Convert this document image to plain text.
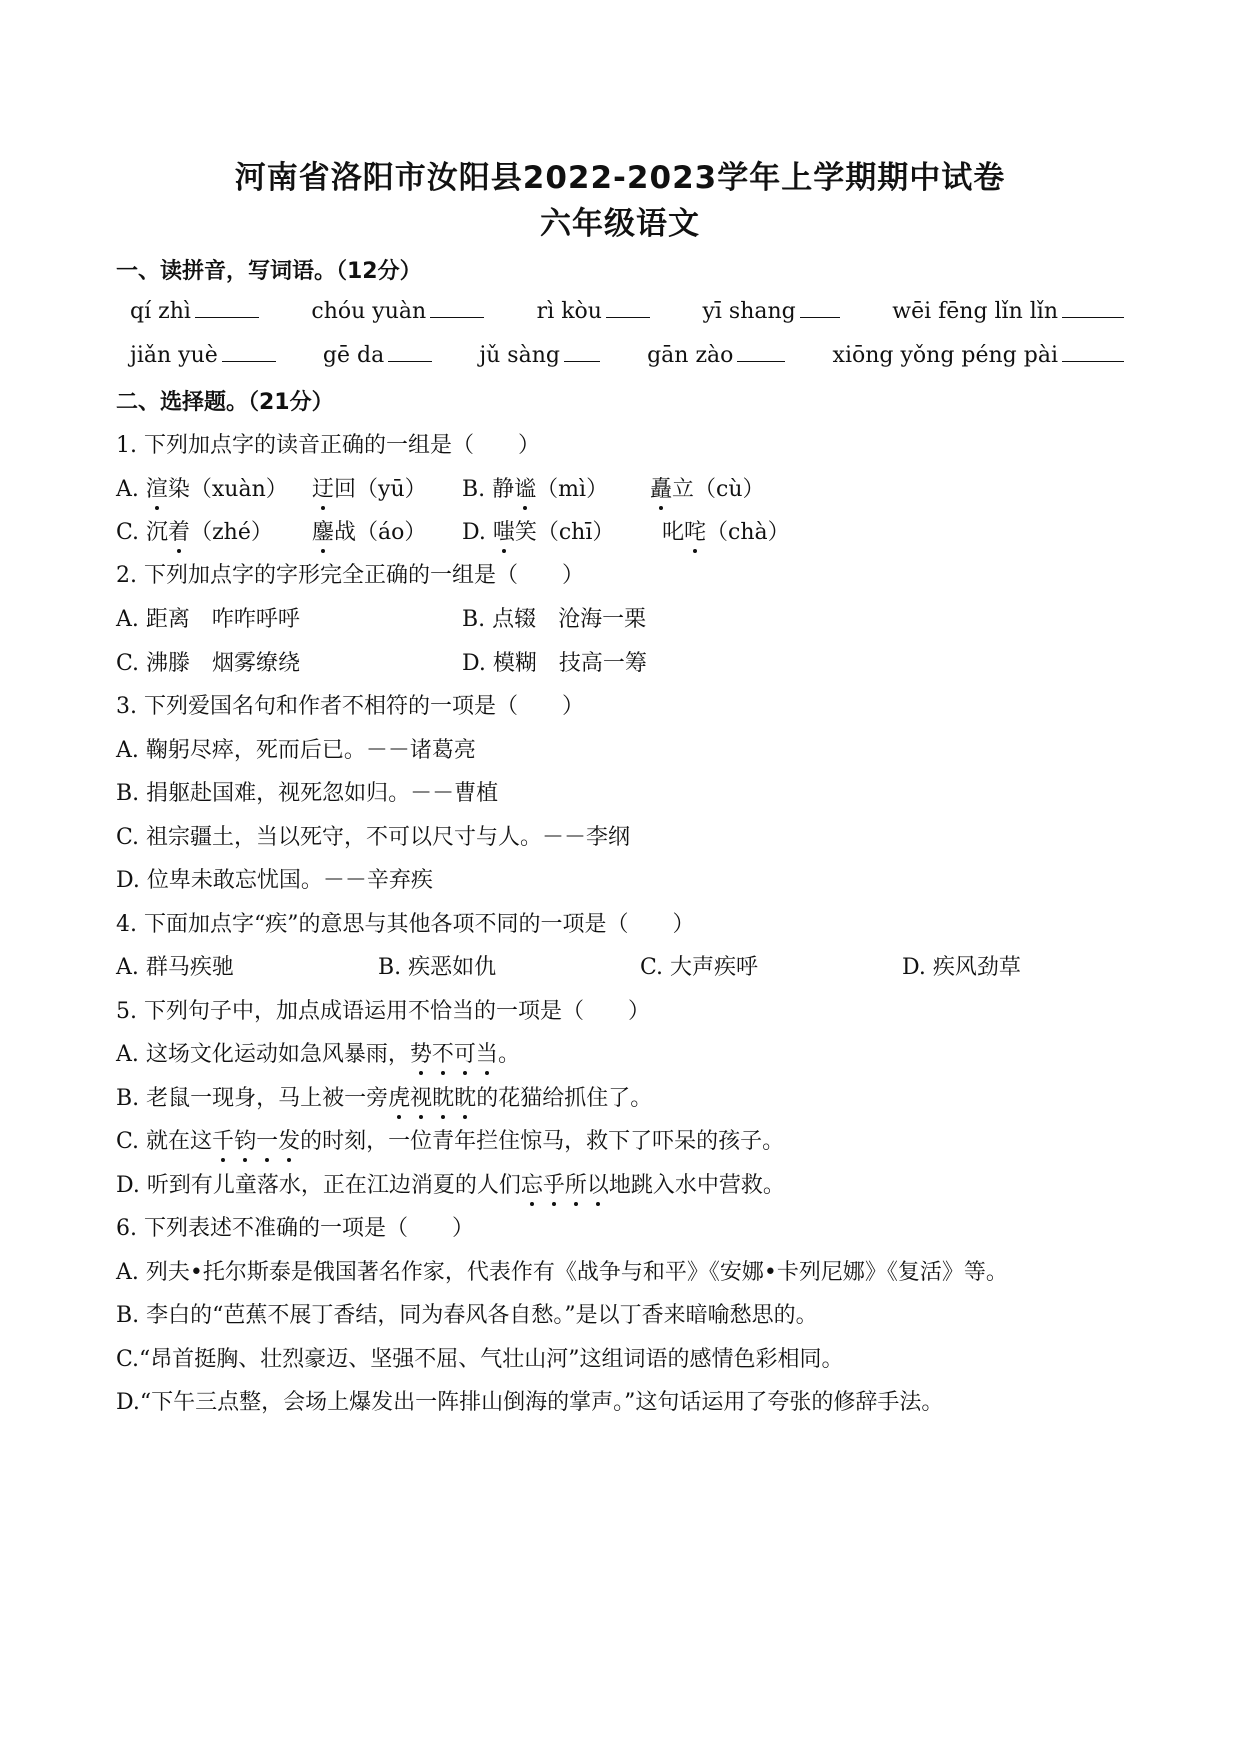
河南省洛阳市汝阳县2022-2023学年上学期期中试卷
六年级语文
一、读拼音，写词语。（12分）
qí zhì	chóu yuàn	rì kòu	yī shang	wēi fēng lǐn lǐn
jiǎn yuè	gē da	jǔ sàng	gān zào	xiōng yǒng péng pài
二、选择题。（21分）
1. 下列加点字的读音正确的一组是（　　）
A. 渲染（xuàn） 迂回（yū） B. 静谧（mì） 矗立（cù）
C. 沉着（zhé） 鏖战（áo） D. 嗤笑（chī） 叱咤（chà）
2. 下列加点字的字形完全正确的一组是（　　）
A. 距离　咋咋呼呼	B. 点辍　沧海一栗
C. 沸滕　烟雾缭绕	D. 模糊　技高一筹
3. 下列爱国名句和作者不相符的一项是（　　）
A. 鞠躬尽瘁，死而后已。－－诸葛亮
B. 捐躯赴国难，视死忽如归。－－曹植
C. 祖宗疆土，当以死守，不可以尺寸与人。－－李纲
D. 位卑未敢忘忧国。－－辛弃疾
4. 下面加点字“疾”的意思与其他各项不同的一项是（　　）
A. 群马疾驰	B. 疾恶如仇	C. 大声疾呼	D. 疾风劲草
5. 下列句子中，加点成语运用不恰当的一项是（　　）
A. 这场文化运动如急风暴雨，势不可当。
B. 老鼠一现身，马上被一旁虎视眈眈的花猫给抓住了。
C. 就在这千钧一发的时刻，一位青年拦住惊马，救下了吓呆的孩子。
D. 听到有儿童落水，正在江边消夏的人们忘乎所以地跳入水中营救。
6. 下列表述不准确的一项是（　　）
A. 列夫•托尔斯泰是俄国著名作家，代表作有《战争与和平》《安娜•卡列尼娜》《复活》等。
B. 李白的“芭蕉不展丁香结，同为春风各自愁。”是以丁香来暗喻愁思的。
C.“昂首挺胸、壮烈豪迈、坚强不屈、气壮山河”这组词语的感情色彩相同。
D.“下午三点整，会场上爆发出一阵排山倒海的掌声。”这句话运用了夸张的修辞手法。
